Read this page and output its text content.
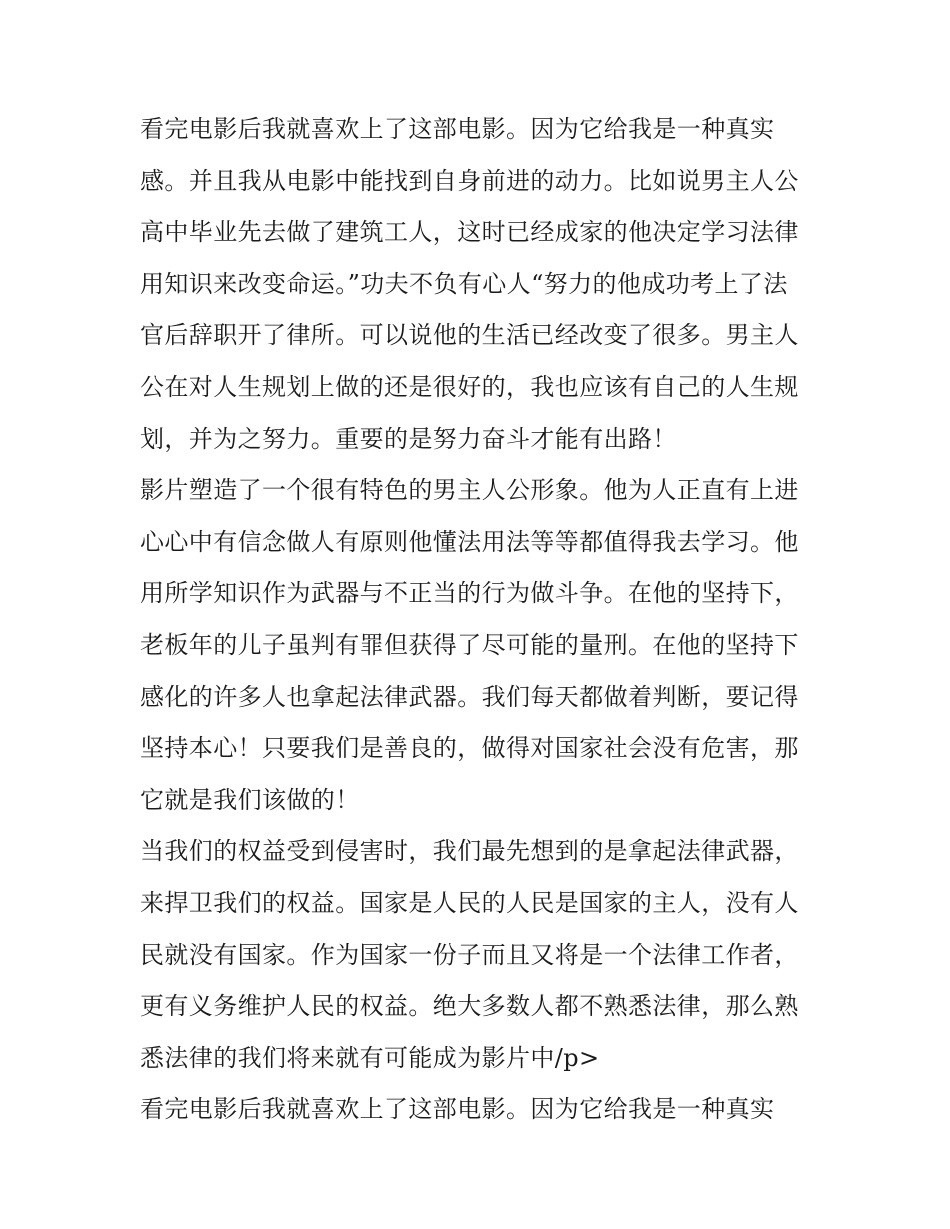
看完电影后我就喜欢上了这部电影。因为它给我是一种真实
感。并且我从电影中能找到自身前进的动力。比如说男主人公
高中毕业先去做了建筑工人，这时已经成家的他决定学习法律
用知识来改变命运。”功夫不负有心人“努力的他成功考上了法
官后辞职开了律所。可以说他的生活已经改变了很多。男主人
公在对人生规划上做的还是很好的，我也应该有自己的人生规
划，并为之努力。重要的是努力奋斗才能有出路！
影片塑造了一个很有特色的男主人公形象。他为人正直有上进
心心中有信念做人有原则他懂法用法等等都值得我去学习。他
用所学知识作为武器与不正当的行为做斗争。在他的坚持下，
老板年的儿子虽判有罪但获得了尽可能的量刑。在他的坚持下
感化的许多人也拿起法律武器。我们每天都做着判断，要记得
坚持本心！只要我们是善良的，做得对国家社会没有危害，那
它就是我们该做的！
当我们的权益受到侵害时，我们最先想到的是拿起法律武器，
来捍卫我们的权益。国家是人民的人民是国家的主人，没有人
民就没有国家。作为国家一份子而且又将是一个法律工作者，
更有义务维护人民的权益。绝大多数人都不熟悉法律，那么熟
悉法律的我们将来就有可能成为影片中/p>
看完电影后我就喜欢上了这部电影。因为它给我是一种真实
